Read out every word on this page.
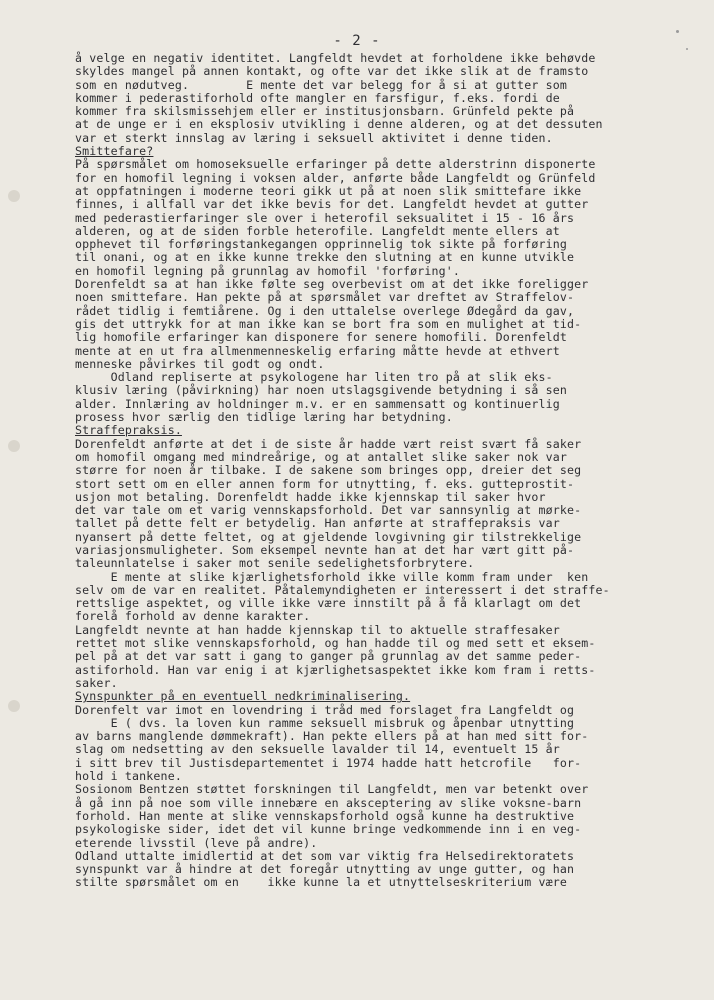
- 2 -
å velge en negativ identitet. Langfeldt hevdet at forholdene ikke behøvde
skyldes mangel på annen kontakt, og ofte var det ikke slik at de framsto
som en nødutveg.        E mente det var belegg for å si at gutter som
kommer i pederastiforhold ofte mangler en farsfigur, f.eks. fordi de
kommer fra skilsmissehjem eller er institusjonsbarn. Grünfeld pekte på
at de unge er i en eksplosiv utvikling i denne alderen, og at det dessuten
var et sterkt innslag av læring i seksuell aktivitet i denne tiden.
Smittefare?
På spørsmålet om homoseksuelle erfaringer på dette alderstrinn disponerte
for en homofil legning i voksen alder, anførte både Langfeldt og Grünfeld
at oppfatningen i moderne teori gikk ut på at noen slik smittefare ikke
finnes, i allfall var det ikke bevis for det. Langfeldt hevdet at gutter
med pederastierfaringer sle over i heterofil seksualitet i 15 - 16 års
alderen, og at de siden forble heterofile. Langfeldt mente ellers at
opphevet til forføringstankegangen opprinnelig tok sikte på forføring
til onani, og at en ikke kunne trekke den slutning at en kunne utvikle
en homofil legning på grunnlag av homofil 'forføring'.
Dorenfeldt sa at han ikke følte seg overbevist om at det ikke foreligger
noen smittefare. Han pekte på at spørsmålet var dreftet av Straffelov-
rådet tidlig i femtiårene. Og i den uttalelse overlege Ødegård da gav,
gis det uttrykk for at man ikke kan se bort fra som en mulighet at tid-
lig homofile erfaringer kan disponere for senere homofili. Dorenfeldt
mente at en ut fra allmenmenneskelig erfaring måtte hevde at ethvert
menneske påvirkes til godt og ondt.
Odland repliserte at psykologene har liten tro på at slik eks-
klusiv læring (påvirkning) har noen utslagsgivende betydning i så sen
alder. Innlæring av holdninger m.v. er en sammensatt og kontinuerlig
prosess hvor særlig den tidlige læring har betydning.
Straffepraksis.
Dorenfeldt anførte at det i de siste år hadde vært reist svært få saker
om homofil omgang med mindreårige, og at antallet slike saker nok var
større for noen år tilbake. I de sakene som bringes opp, dreier det seg
stort sett om en eller annen form for utnytting, f. eks. gutteprostit-
usjon mot betaling. Dorenfeldt hadde ikke kjennskap til saker hvor
det var tale om et varig vennskapsforhold. Det var sannsynlig at mørke-
tallet på dette felt er betydelig. Han anførte at straffepraksis var
nyansert på dette feltet, og at gjeldende lovgivning gir tilstrekkelige
variasjonsmuligheter. Som eksempel nevnte han at det har vært gitt på-
taleunnlatelse i saker mot senile sedelighetsforbrytere.
E mente at slike kjærlighetsforhold ikke ville komm fram under  ken
selv om de var en realitet. Påtalemyndigheten er interessert i det straffe-
rettslige aspektet, og ville ikke være innstilt på å få klarlagt om det
forelå forhold av denne karakter.
Langfeldt nevnte at han hadde kjennskap til to aktuelle straffesaker
rettet mot slike vennskapsforhold, og han hadde til og med sett et eksem-
pel på at det var satt i gang to ganger på grunnlag av det samme peder-
astiforhold. Han var enig i at kjærlighetsaspektet ikke kom fram i retts-
saker.
Synspunkter på en eventuell nedkriminalisering.
Dorenfelt var imot en lovendring i tråd med forslaget fra Langfeldt og
E ( dvs. la loven kun ramme seksuell misbruk og åpenbar utnytting
av barns manglende dømmekraft). Han pekte ellers på at han med sitt for-
slag om nedsetting av den seksuelle lavalder til 14, eventuelt 15 år
i sitt brev til Justisdepartementet i 1974 hadde hatt hetcrofile   for-
hold i tankene.
Sosionom Bentzen støttet forskningen til Langfeldt, men var betenkt over
å gå inn på noe som ville innebære en aksceptering av slike voksne-barn
forhold. Han mente at slike vennskapsforhold også kunne ha destruktive
psykologiske sider, idet det vil kunne bringe vedkommende inn i en veg-
eterende livsstil (leve på andre).
Odland uttalte imidlertid at det som var viktig fra Helsedirektoratets
synspunkt var å hindre at det foregår utnytting av unge gutter, og han
stilte spørsmålet om en    ikke kunne la et utnyttelseskriterium være
